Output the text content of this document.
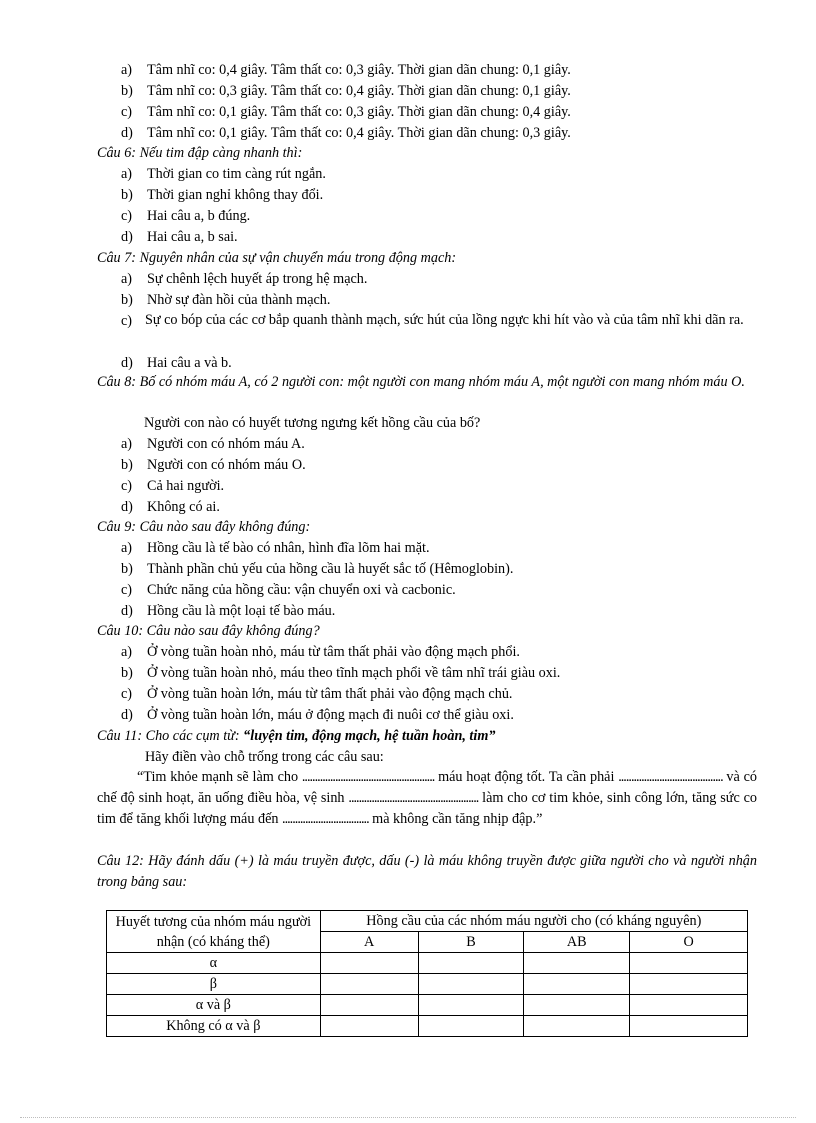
a) Tâm nhĩ co: 0,4 giây. Tâm thất co: 0,3 giây. Thời gian dãn chung: 0,1 giây.
b) Tâm nhĩ co: 0,3 giây. Tâm thất co: 0,4 giây. Thời gian dãn chung: 0,1 giây.
c) Tâm nhĩ co: 0,1 giây. Tâm thất co: 0,3 giây. Thời gian dãn chung: 0,4 giây.
d) Tâm nhĩ co: 0,1 giây. Tâm thất co: 0,4 giây. Thời gian dãn chung: 0,3 giây.
Câu 6: Nếu tim đập càng nhanh thì:
a) Thời gian co tim càng rút ngắn.
b) Thời gian nghỉ không thay đổi.
c) Hai câu a, b đúng.
d) Hai câu a, b sai.
Câu 7: Nguyên nhân của sự vận chuyển máu trong động mạch:
a) Sự chênh lệch huyết áp trong hệ mạch.
b) Nhờ sự đàn hồi của thành mạch.
c) Sự co bóp của các cơ bắp quanh thành mạch, sức hút của lồng ngực khi hít vào và của tâm nhĩ khi dãn ra.
d) Hai câu a và b.
Câu 8: Bố có nhóm máu A, có 2 người con: một người con mang nhóm máu A, một người con mang nhóm máu O.
Người con nào có huyết tương ngưng kết hồng cầu của bố?
a) Người con có nhóm máu A.
b) Người con có nhóm máu O.
c) Cả hai người.
d) Không có ai.
Câu 9: Câu nào sau đây không đúng:
a) Hồng cầu là tế bào có nhân, hình đĩa lõm hai mặt.
b) Thành phần chủ yếu của hồng cầu là huyết sắc tố (Hêmoglobin).
c) Chức năng của hồng cầu: vận chuyển oxi và cacbonic.
d) Hồng cầu là một loại tế bào máu.
Câu 10: Câu nào sau đây không đúng?
a) Ở vòng tuần hoàn nhỏ, máu từ tâm thất phải vào động mạch phổi.
b) Ở vòng tuần hoàn nhỏ, máu theo tĩnh mạch phổi về tâm nhĩ trái giàu oxi.
c) Ở vòng tuần hoàn lớn, máu từ tâm thất phải vào động mạch chủ.
d) Ở vòng tuần hoàn lớn, máu ở động mạch đi nuôi cơ thể giàu oxi.
Câu 11: Cho các cụm từ: “luyện tim, động mạch, hệ tuần hoàn, tim”
Hãy điền vào chỗ trống trong các câu sau:
“Tim khỏe mạnh sẽ làm cho .................................................... máu hoạt động tốt. Ta cần phải ......................................... và có chế độ sinh hoạt, ăn uống điều hòa, vệ sinh ................................................... làm cho cơ tim khỏe, sinh công lớn, tăng sức co tim để tăng khối lượng máu đến .................................. mà không cần tăng nhịp đập.”
Câu 12: Hãy đánh dấu (+) là máu truyền được, dấu (-) là máu không truyền được giữa người cho và người nhận trong bảng sau:
Huyết tương của nhóm máu người nhận (có kháng thể)	Hồng cầu của các nhóm máu người cho (có kháng nguyên)			
	A	B	AB	O
α				
β				
α và β				
Không có α và β				
